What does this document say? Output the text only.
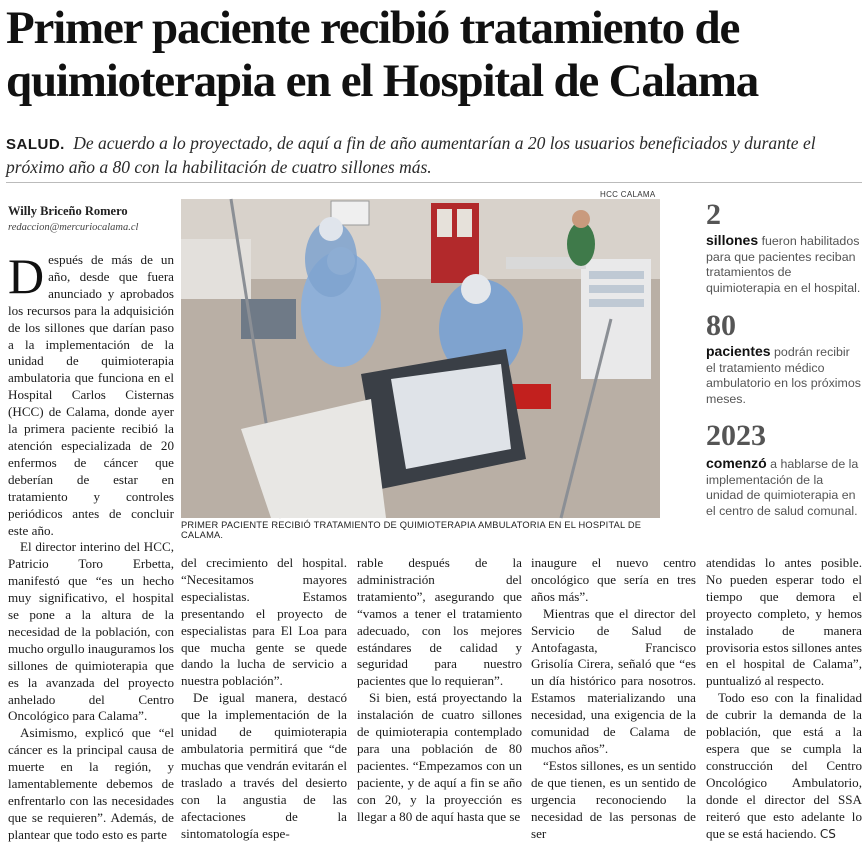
Primer paciente recibió tratamiento de quimioterapia en el Hospital de Calama
SALUD. De acuerdo a lo proyectado, de aquí a fin de año aumentarían a 20 los usuarios beneficiados y durante el próximo año a 80 con la habilitación de cuatro sillones más.
Willy Briceño Romero
redaccion@mercuriocalama.cl

Después de más de un año, desde que fuera anunciado y aprobados los recursos para la adquisición de los sillones que darían paso a la implementación de la unidad de quimioterapia ambulatoria que funciona en el Hospital Carlos Cisternas (HCC) de Calama, donde ayer la primera paciente recibió la atención especializada de 20 enfermos de cáncer que deberían de estar en tratamiento y controles periódicos antes de concluir este año.

El director interino del HCC, Patricio Toro Erbetta, manifestó que “es un hecho muy significativo, el hospital se pone a la altura de la necesidad de la población, con mucho orgullo inauguramos los sillones de quimioterapia que es la avanzada del proyecto anhelado del Centro Oncológico para Calama”.

Asimismo, explicó que “el cáncer es la principal causa de muerte en la región, y lamentablemente debemos de enfrentarlo con las necesidades que se requieren”. Además, de plantear que todo esto es parte

HCC CALAMA
PRIMER PACIENTE RECIBIÓ TRATAMIENTO DE QUIMIOTERAPIA AMBULATORIA EN EL HOSPITAL DE CALAMA.

del crecimiento del hospital. “Necesitamos mayores especialistas. Estamos presentando el proyecto de especialistas para El Loa para que mucha gente se quede dando la lucha de servicio a nuestra población”.

De igual manera, destacó que la implementación de la unidad de quimioterapia ambulatoria permitirá que “de muchas que vendrán evitarán el traslado a través del desierto con la angustia de las afectaciones de la sintomatología espe-

rable después de la administración del tratamiento”, asegurando que “vamos a tener el tratamiento adecuado, con los mejores estándares de calidad y seguridad para nuestro pacientes que lo requieran”.

Si bien, está proyectando la instalación de cuatro sillones de quimioterapia contemplado para una población de 80 pacientes. “Empezamos con un paciente, y de aquí a fin se año con 20, y la proyección es llegar a 80 de aquí hasta que se

inaugure el nuevo centro oncológico que sería en tres años más”.

Mientras que el director del Servicio de Salud de Antofagasta, Francisco Grisolía Cirera, señaló que “es un día histórico para nosotros. Estamos materializando una necesidad, una exigencia de la comunidad de Calama de muchos años”.

“Estos sillones, es un sentido de que tienen, es un sentido de urgencia reconociendo la necesidad de las personas de ser

atendidas lo antes posible. No pueden esperar todo el tiempo que demora el proyecto completo, y hemos instalado de manera provisoria estos sillones antes en el hospital de Calama”, puntualizó al respecto.

Todo eso con la finalidad de cubrir la demanda de la población, que está a la espera que se cumpla la construcción del Centro Oncológico Ambulatorio, donde el director del SSA reiteró que esto adelante lo que se está haciendo. CS

2
sillones fueron habilitados para que pacientes reciban tratamientos de quimioterapia en el hospital.
80
pacientes podrán recibir el tratamiento médico ambulatorio en los próximos meses.
2023
comenzó a hablarse de la implementación de la unidad de quimioterapia en el centro de salud comunal.
